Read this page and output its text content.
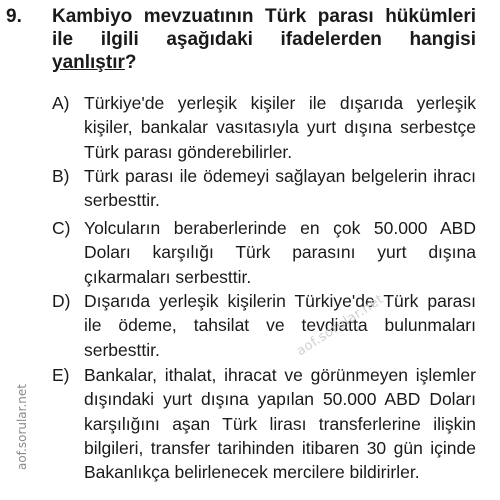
9. Kambiyo mevzuatının Türk parası hükümleri
ile ilgili aşağıdaki ifadelerden hangisi
yanlıştır?
A) Türkiye'de yerleşik kişiler ile dışarıda yerleşik kişiler, bankalar vasıtasıyla yurt dışına serbestçe Türk parası gönderebilirler.
B) Türk parası ile ödemeyi sağlayan belgelerin ihracı serbesttir.
C) Yolcuların beraberlerinde en çok 50.000 ABD Doları karşılığı Türk parasını yurt dışına çıkarmaları serbesttir.
D) Dışarıda yerleşik kişilerin Türkiye'de Türk parası ile ödeme, tahsilat ve tevdiatta bulunmaları serbesttir.
E) Bankalar, ithalat, ihracat ve görünmeyen işlemler dışındaki yurt dışına yapılan 50.000 ABD Doları karşılığını aşan Türk lirası transferlerine ilişkin bilgileri, transfer tarihinden itibaren 30 gün içinde Bakanlıkça belirlenecek mercilere bildirirler.
aof.sorular.net
aof.sorular.net
